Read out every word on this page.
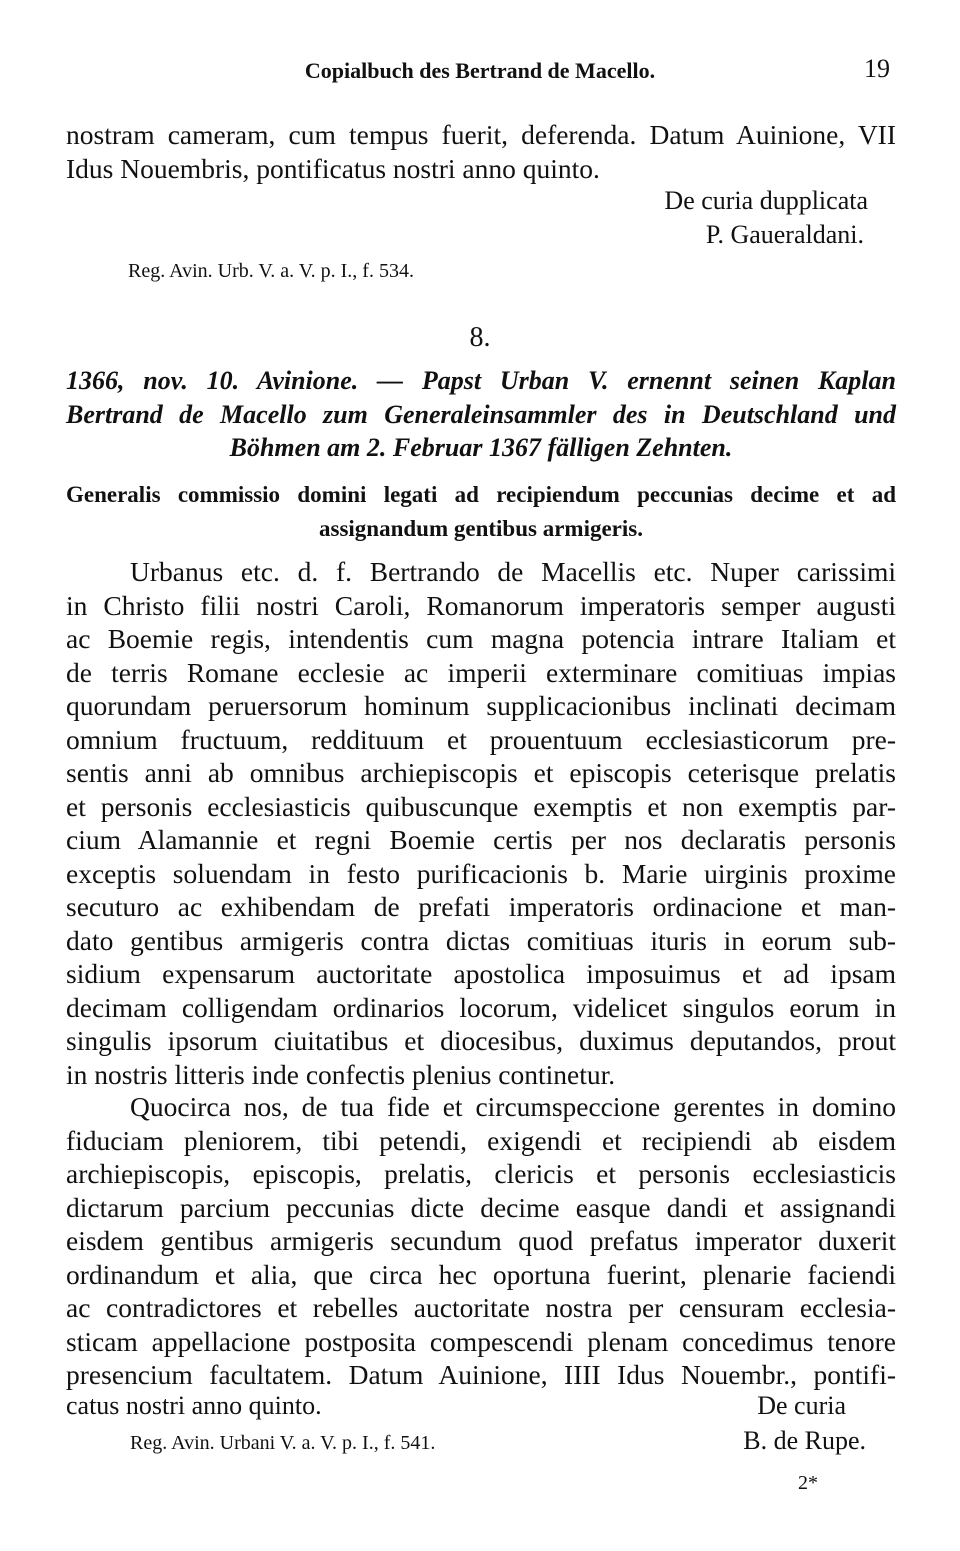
Copialbuch des Bertrand de Macello.	19
nostram cameram, cum tempus fuerit, deferenda. Datum Auinione, VII
Idus Nouembris, pontificatus nostri anno quinto.
De curia dupplicata
P. Gaueraldani.
Reg. Avin. Urb. V. a. V. p. I., f. 534.
8.
1366, nov. 10. Avinione. — Papst Urban V. ernennt seinen Kaplan
Bertrand de Macello zum Generaleinsammler des in Deutschland und
Böhmen am 2. Februar 1367 fälligen Zehnten.
Generalis commissio domini legati ad recipiendum peccunias decime et ad
assignandum gentibus armigeris.
Urbanus etc. d. f. Bertrando de Macellis etc. Nuper carissimi
in Christo filii nostri Caroli, Romanorum imperatoris semper augusti
ac Boemie regis, intendentis cum magna potencia intrare Italiam et
de terris Romane ecclesie ac imperii exterminare comitiuas impias
quorundam peruersorum hominum supplicacionibus inclinati decimam
omnium fructuum, reddituum et prouentuum ecclesiasticorum pre-
sentis anni ab omnibus archiepiscopis et episcopis ceterisque prelatis
et personis ecclesiasticis quibuscunque exemptis et non exemptis par-
cium Alamannie et regni Boemie certis per nos declaratis personis
exceptis soluendam in festo purificacionis b. Marie uirginis proxime
secuturo ac exhibendam de prefati imperatoris ordinacione et man-
dato gentibus armigeris contra dictas comitiuas ituris in eorum sub-
sidium expensarum auctoritate apostolica imposuimus et ad ipsam
decimam colligendam ordinarios locorum, videlicet singulos eorum in
singulis ipsorum ciuitatibus et diocesibus, duximus deputandos, prout
in nostris litteris inde confectis plenius continetur.
Quocirca nos, de tua fide et circumspeccione gerentes in domino
fiduciam pleniorem, tibi petendi, exigendi et recipiendi ab eisdem
archiepiscopis, episcopis, prelatis, clericis et personis ecclesiasticis
dictarum parcium peccunias dicte decime easque dandi et assignandi
eisdem gentibus armigeris secundum quod prefatus imperator duxerit
ordinandum et alia, que circa hec oportuna fuerint, plenarie faciendi
ac contradictores et rebelles auctoritate nostra per censuram ecclesia-
sticam appellacione postposita compescendi plenam concedimus tenore
presencium facultatem. Datum Auinione, IIII Idus Nouembr., pontifi-
catus nostri anno quinto.	De curia
Reg. Avin. Urbani V. a. V. p. I., f. 541.	B. de Rupe.
2*
